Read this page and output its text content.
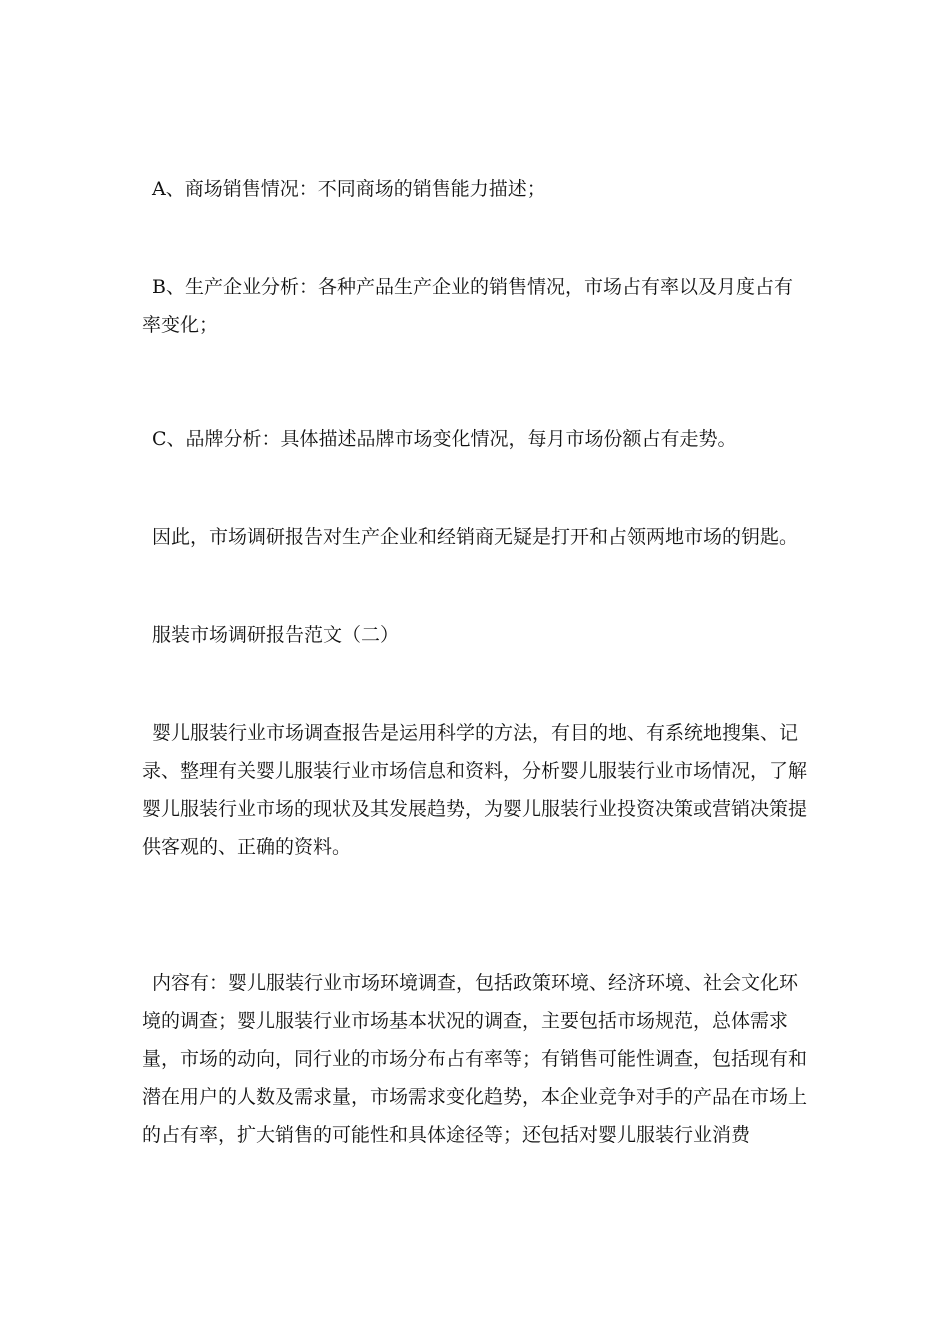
A、商场销售情况：不同商场的销售能力描述；

B、生产企业分析：各种产品生产企业的销售情况，市场占有率以及月度占有率变化；

C、品牌分析：具体描述品牌市场变化情况，每月市场份额占有走势。

因此，市场调研报告对生产企业和经销商无疑是打开和占领两地市场的钥匙。

服装市场调研报告范文（二）

婴儿服装行业市场调查报告是运用科学的方法，有目的地、有系统地搜集、记录、整理有关婴儿服装行业市场信息和资料，分析婴儿服装行业市场情况，了解婴儿服装行业市场的现状及其发展趋势，为婴儿服装行业投资决策或营销决策提供客观的、正确的资料。

内容有：婴儿服装行业市场环境调查，包括政策环境、经济环境、社会文化环境的调查；婴儿服装行业市场基本状况的调查，主要包括市场规范，总体需求量，市场的动向，同行业的市场分布占有率等；有销售可能性调查，包括现有和潜在用户的人数及需求量，市场需求变化趋势，本企业竞争对手的产品在市场上的占有率，扩大销售的可能性和具体途径等；还包括对婴儿服装行业消费
